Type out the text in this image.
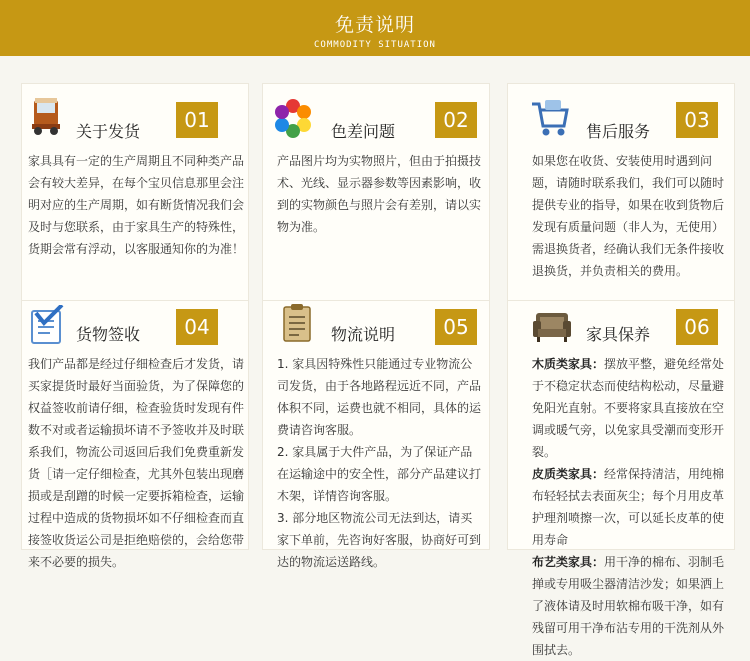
免责说明
COMMODITY SITUATION
关于发货	01
家具具有一定的生产周期且不同种类产品会有较大差异，在每个宝贝信息那里会注明对应的生产周期，如有断货情况我们会及时与您联系，由于家具生产的特殊性，货期会常有浮动，以客服通知你的为准！
色差问题	02
产品图片均为实物照片，但由于拍摄技术、光线、显示器参数等因素影响，收到的实物颜色与照片会有差别，请以实物为准。
售后服务	03
如果您在收货、安装使用时遇到问题，请随时联系我们，我们可以随时提供专业的指导，如果在收到货物后发现有质量问题（非人为，无使用）需退换货者，经确认我们无条件接收退换货，并负责相关的费用。
货物签收	04
我们产品都是经过仔细检查后才发货，请买家提货时最好当面验货，为了保障您的权益签收前请仔细，检查验货时发现有件数不对或者运输损坏请不予签收并及时联系我们，物流公司返回后我们免费重新发货［请一定仔细检查，尤其外包装出现磨损或是刮蹭的时候一定要拆箱检查，运输过程中造成的货物损坏如不仔细检查而直接签收货运公司是拒绝赔偿的，会给您带来不必要的损失。
物流说明	05

1. 家具因特殊性只能通过专业物流公司发货，由于各地路程远近不同，产品体积不同，运费也就不相同，具体的运费请咨询客服。

2. 家具属于大件产品，为了保证产品在运输途中的安全性，部分产品建议打木架，详情咨询客服。

3. 部分地区物流公司无法到达，请买家下单前，先咨询好客服，协商好可到达的物流运送路线。

家具保养	06

木质类家具：摆放平整，避免经常处于不稳定状态而使结构松动，尽量避免阳光直射。不要将家具直接放在空调或暖气旁，以免家具受潮而变形开裂。

皮质类家具：经常保持清洁，用纯棉布轻轻拭去表面灰尘；每个月用皮革护理剂喷擦一次，可以延长皮革的使用寿命

布艺类家具：用干净的棉布、羽制毛掸或专用吸尘器清洁沙发；如果洒上了液体请及时用软棉布吸干净，如有残留可用干净布沾专用的干洗剂从外围拭去。
